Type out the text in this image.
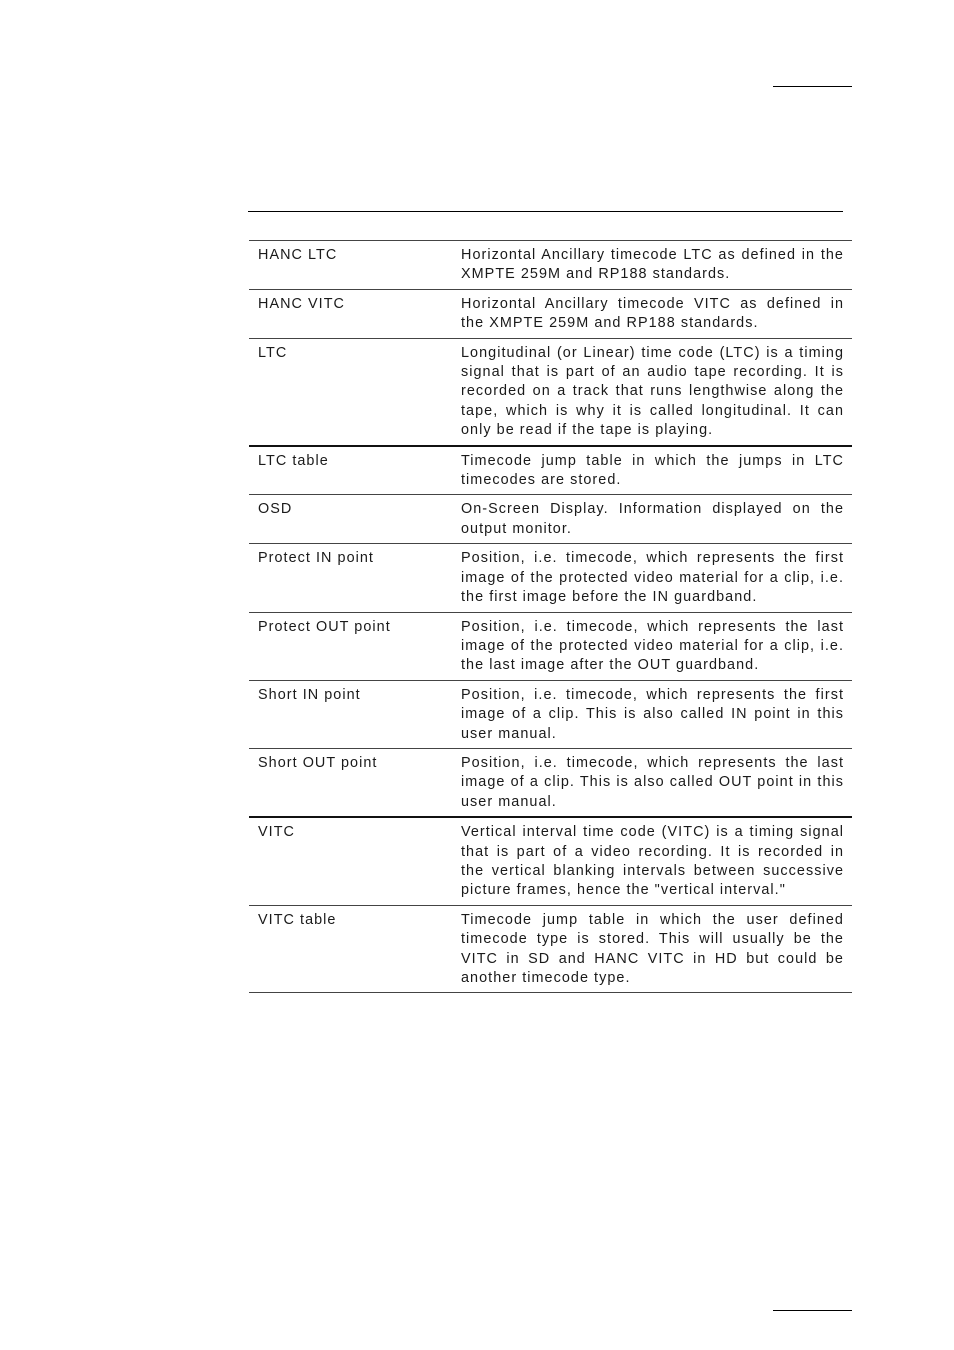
HANC LTC	Horizontal Ancillary timecode LTC as defined in the XMPTE 259M and RP188 standards.
HANC VITC	Horizontal Ancillary timecode VITC as defined in the XMPTE 259M and RP188 standards.
LTC	Longitudinal (or Linear) time code (LTC) is a timing signal that is part of an audio tape recording. It is recorded on a track that runs lengthwise along the tape, which is why it is called longitudinal. It can only be read if the tape is playing.
LTC table	Timecode jump table in which the jumps in LTC timecodes are stored.
OSD	On-Screen Display. Information displayed on the output monitor.
Protect IN point	Position, i.e. timecode, which represents the first image of the protected video material for a clip, i.e. the first image before the IN guardband.
Protect OUT point	Position, i.e. timecode, which represents the last image of the protected video material for a clip, i.e. the last image after the OUT guardband.
Short IN point	Position, i.e. timecode, which represents the first image of a clip. This is also called IN point in this user manual.
Short OUT point	Position, i.e. timecode, which represents the last image of a clip. This is also called OUT point in this user manual.
VITC	Vertical interval time code (VITC) is a timing signal that is part of a video recording. It is recorded in the vertical blanking intervals between successive picture frames, hence the "vertical interval."
VITC table	Timecode jump table in which the user defined timecode type is stored. This will usually be the VITC in SD and HANC VITC in HD but could be another timecode type.
